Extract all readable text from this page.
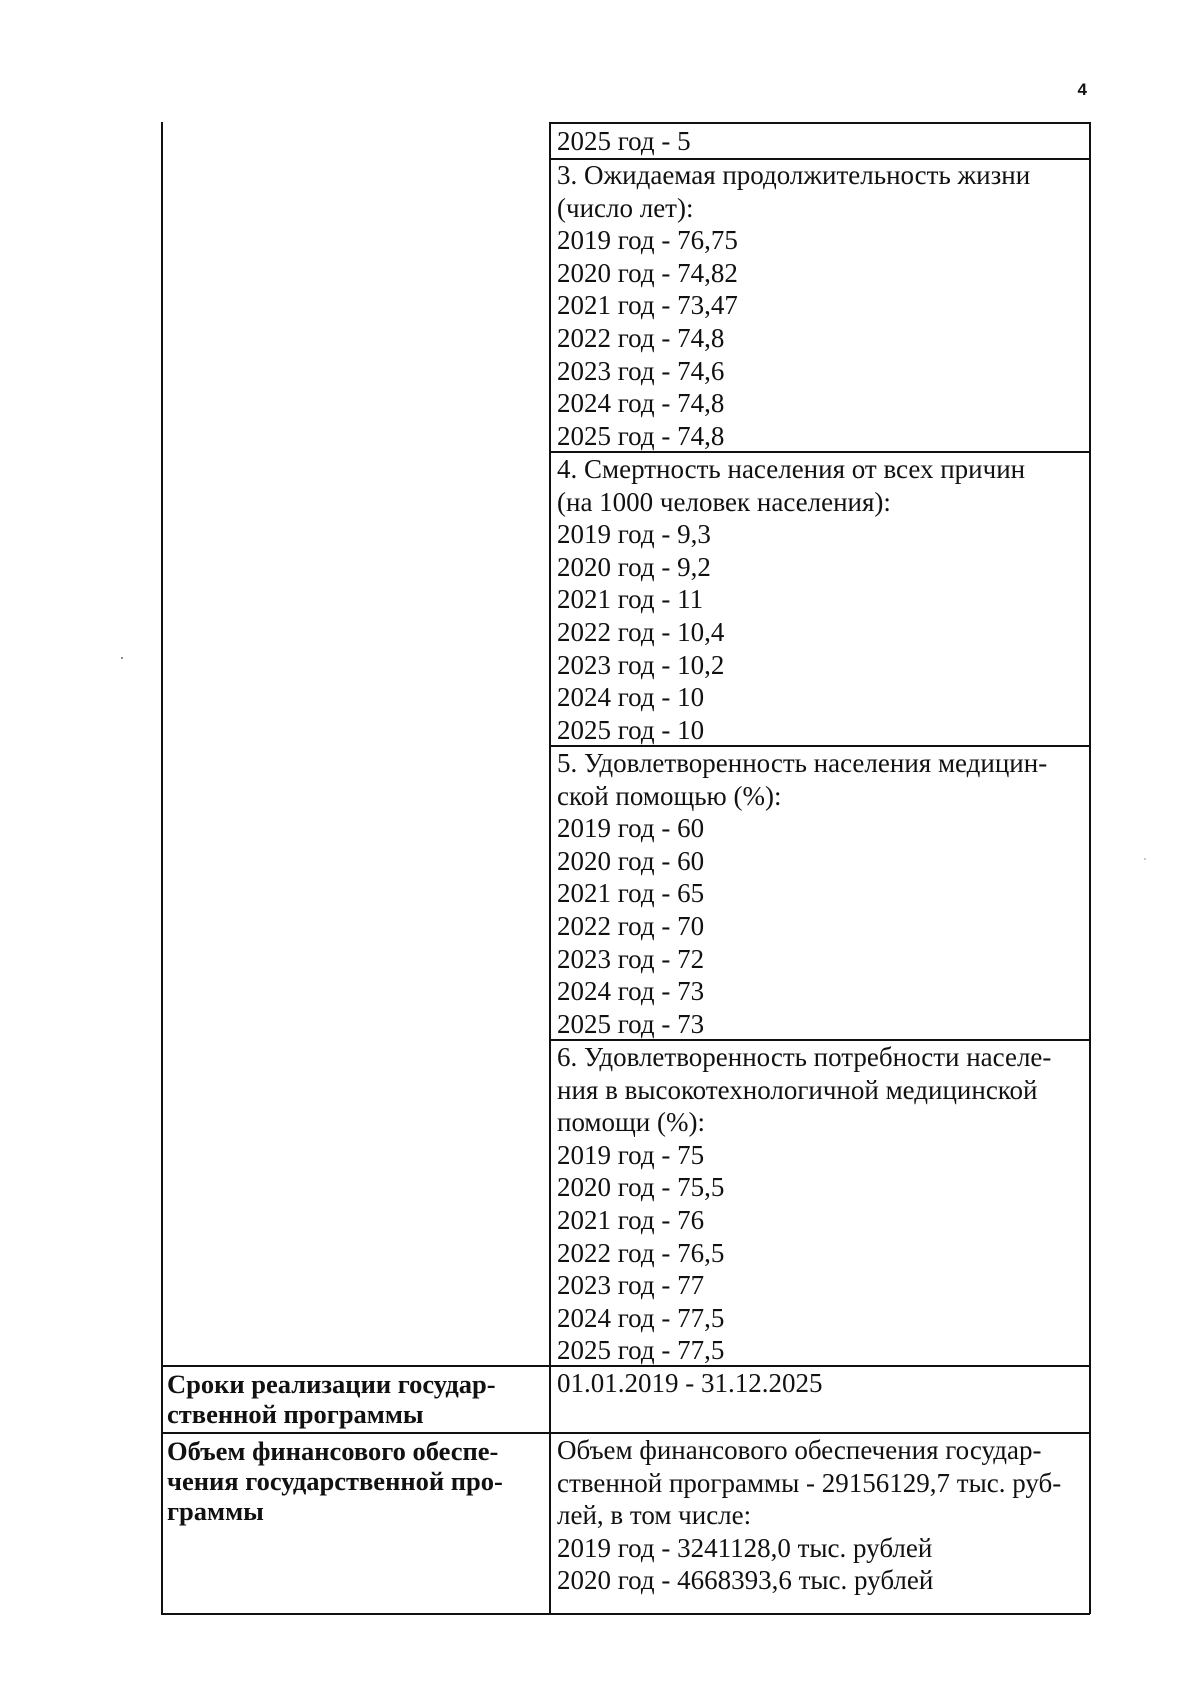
4
2025 год - 5
3. Ожидаемая продолжительность жизни
(число лет):
2019 год - 76,75
2020 год - 74,82
2021 год - 73,47
2022 год - 74,8
2023 год - 74,6
2024 год - 74,8
2025 год - 74,8
4. Смертность населения от всех причин
(на 1000 человек населения):
2019 год - 9,3
2020 год - 9,2
2021 год - 11
2022 год - 10,4
2023 год - 10,2
2024 год - 10
2025 год - 10
5. Удовлетворенность населения медицин-
ской помощью (%):
2019 год - 60
2020 год - 60
2021 год - 65
2022 год - 70
2023 год - 72
2024 год - 73
2025 год - 73
6. Удовлетворенность потребности населе-
ния в высокотехнологичной медицинской
помощи (%):
2019 год - 75
2020 год - 75,5
2021 год - 76
2022 год - 76,5
2023 год - 77
2024 год - 77,5
2025 год - 77,5
Сроки реализации государ-
ственной программы
01.01.2019 - 31.12.2025
Объем финансового обеспе-
чения государственной про-
граммы
Объем финансового обеспечения государ-
ственной программы - 29156129,7 тыс. руб-
лей, в том числе:
2019 год - 3241128,0 тыс. рублей
2020 год - 4668393,6 тыс. рублей
